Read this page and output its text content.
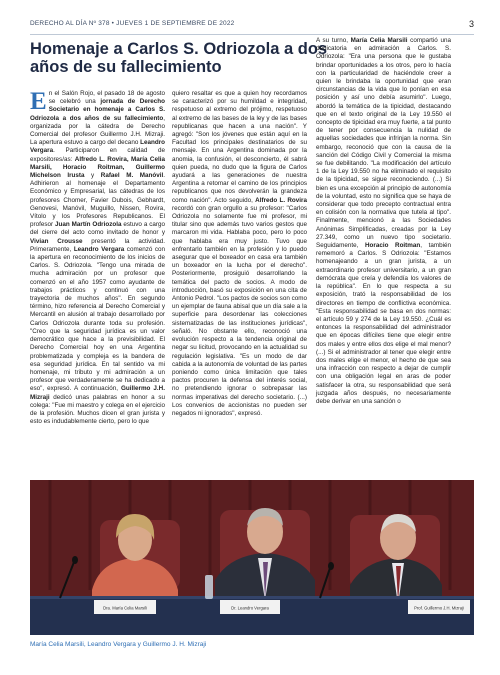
DERECHO AL DÍA Nº 378 • JUEVES 1 DE SEPTIEMBRE DE 2022	3
Homenaje a Carlos S. Odriozola a dos años de su fallecimiento
E n el Salón Rojo, el pasado 18 de agosto se celebró una jornada de Derecho Societario en homenaje a Carlos S. Odriozola a dos años de su fallecimiento, organizada por la cátedra de Derecho Comercial del profesor Guillermo J.H. Mizraji. La apertura estuvo a cargo del decano Leandro Vergara. Participaron en calidad de expositores/as: Alfredo L. Rovira, María Celia Marsili, Horacio Roitman, Guillermo Michelson Irusta y Rafael M. Manóvil. Adhirieron al homenaje el Departamento Económico y Empresarial, las cátedras de los profesores Chomer, Favier Dubois, Gebhardt, Genovesi, Manóvil, Muguillo, Nissen, Rovira, Vítolo y los Profesores Republicanos. El profesor Juan Martín Odriozola estuvo a cargo del cierre del acto como invitado de honor y Vivian Crousse presentó la actividad. Primeramente, Leandro Vergara comenzó con la apertura en reconocimiento de los inicios de Carlos. S. Odriozola. "Tengo una mirada de mucha admiración por un profesor que comenzó en el año 1957 como ayudante de trabajos prácticos y continuó con una trayectoria de muchos años". En segundo término, hizo referencia al Derecho Comercial y Mercantil en alusión al trabajo desarrollado por Carlos Odriozola durante toda su profesión. "Creo que la seguridad jurídica es un valor democrático que hace a la previsibilidad. El Derecho Comercial hoy en una Argentina problematizada y compleja es la bandera de esa seguridad jurídica. En tal sentido va mi homenaje, mi tributo y mi admiración a un profesor que verdaderamente se ha dedicado a eso", expresó. A continuación, Guillermo J.H. Mizraji dedicó unas palabras en honor a su colega: "Fue mi maestro y colega en el ejercicio de la profesión. Muchos dicen el gran jurista y esto es indudablemente cierto, pero lo que

quiero resaltar es que a quien hoy recordamos se caracterizó por su humildad e integridad, respetuoso al extremo del prójimo, respetuoso al extremo de las bases de la ley y de las bases republicanas que hacen a una nación". Y agregó: "Son los jóvenes que están aquí en la Facultad los principales destinatarios de su mensaje. En una Argentina dominada por la anomia, la confusión, el desconcierto, él sabrá quien pueda, no dudo que la figura de Carlos ayudará a las generaciones de nuestra Argentina a retomar el camino de los principios republicanos que nos devolverán la grandeza como nación". Acto seguido, Alfredo L. Rovira recordó con gran orgullo a su profesor: "Carlos Odriozola no solamente fue mi profesor, mi titular sino que además tuvo varios gestos que marcaron mi vida. Hablaba poco, pero lo poco que hablaba era muy justo. Tuvo que enfrentarlo también en la profesión y lo puedo asegurar que el boxeador en casa era también un boxeador en la lucha por el derecho". Posteriormente, prosiguió desarrollando la temática del pacto de socios. A modo de introducción, basó su exposición en una cita de Antonio Pedrol. "Los pactos de socios son como un ejemplar de fauna abisal que un día sale a la superficie para desordenar las colecciones sistematizadas de las instituciones jurídicas", señaló. No obstante ello, reconoció una evolución respecto a la tendencia original de negar su licitud, provocando en la actualidad su regulación legislativa. "Es un modo de dar cabida a la autonomía de voluntad de las partes poniendo como única limitación que tales pactos procuren la defensa del interés social, no pretendiendo ignorar o sobrepasar las normas imperativas del derecho societario. (...) Los convenios de accionistas no pueden ser negados ni ignorados", expresó.

A su turno, María Celia Marsili compartió una dedicatoria en admiración a Carlos. S. Odriozola: "Era una persona que le gustaba brindar oportunidades a los otros, pero lo hacía con la particularidad de haciéndole creer a quien le brindaba la oportunidad que eran circunstancias de la vida que lo ponían en esa posición y así uno debía asumirlo". Luego, abordó la temática de la tipicidad, destacando que en el texto original de la Ley 19.550 el concepto de tipicidad era muy fuerte, a tal punto de tener por consecuencia la nulidad de aquellas sociedades que infrinjan la norma. Sin embargo, reconoció que con la causa de la sanción del Código Civil y Comercial la misma se fue debilitando. "La modificación del artículo 1 de la Ley 19.550 no ha eliminado el requisito de la tipicidad, se sigue reconociendo. (...) Si bien es una excepción al principio de autonomía de la voluntad, esto no significa que se haya de considerar que todo precepto contractual entra en colisión con la normativa que tutela al tipo". Finalmente, mencionó a las Sociedades Anónimas Simplificadas, creadas por la Ley 27.349, como un nuevo tipo societario. Seguidamente, Horacio Roitman, también rememoró a Carlos. S Odriozola: "Estamos homenajeando a un gran jurista, a un extraordinario profesor universitario, a un gran demócrata que creía y defendía los valores de la república". En lo que respecta a su exposición, trató la responsabilidad de los directores en tiempo de conflictiva económica. "Esta responsabilidad se basa en dos normas: el artículo 59 y 274 de la Ley 19.550. ¿Cuál es entonces la responsabilidad del administrador que en épocas difíciles tiene que elegir entre dos males y entre ellos dos elige el mal menor? (...) Si el administrador al tener que elegir entre dos males elige el menor, el hecho de que sea una infracción con respecto a dejar de cumplir con una obligación legal en aras de poder satisfacer la otra, su responsabilidad que será juzgada años después, no necesariamente debe derivar en una sanción o

Dra. María Celia Marsili	Dr. Leandro Vergara	Prof. Guillermo J.H. Mizraji
María Celia Marsili, Leandro Vergara y Guillermo J. H. Mizraji
